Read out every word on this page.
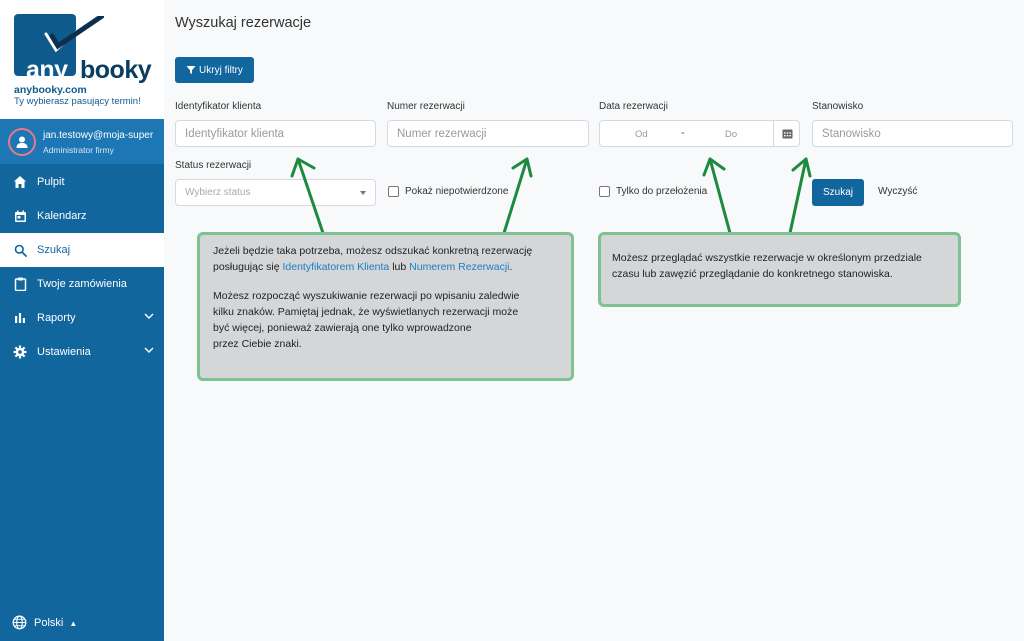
any booky
anybooky.com
Ty wybierasz pasujący termin!
jan.testowy@moja-super
Administrator firmy
Pulpit
Kalendarz
Szukaj
Twoje zamówienia
Raporty
Ustawienia
Polski ▲
Wyszukaj rezerwacje
Ukryj filtry
Identyfikator klienta
Identyfikator klienta	Numer rezerwacji
Numer rezerwacji	Data rezerwacji
Od	-	Do
Stanowisko
Stanowisko
Status rezerwacji
Wybierz status	Pokaż niepotwierdzone	Tylko do przełożenia	Szukaj	Wyczyść

Jeżeli będzie taka potrzeba, możesz odszukać konkretną rezerwację

posługując się Identyfikatorem Klienta lub Numerem Rezerwacji.

Możesz rozpocząć wyszukiwanie rezerwacji po wpisaniu zaledwie

kilku znaków. Pamiętaj jednak, że wyświetlanych rezerwacji może

być więcej, ponieważ zawierają one tylko wprowadzone

przez Ciebie znaki.

Możesz przeglądać wszystkie rezerwacje w określonym przedziale

czasu lub zawęzić przeglądanie do konkretnego stanowiska.
